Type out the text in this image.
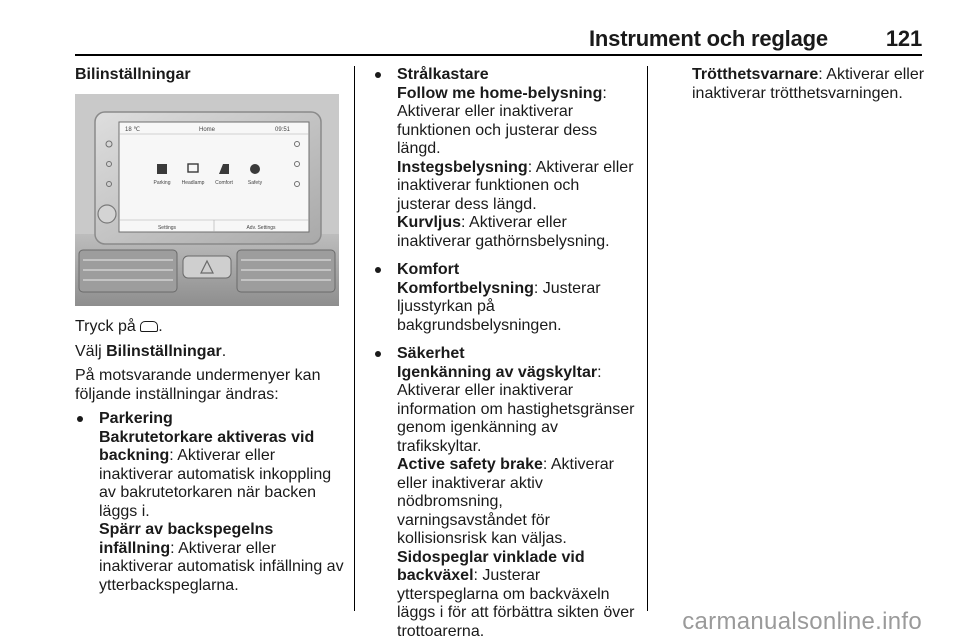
Instrument och reglage	121

Bilinställningar

18 ℃	Home	09:51
Parking Headlamp Comfort	Safety
Settings	Adv. Settings

Tryck på .

Välj Bilinställningar.

På motsvarande undermenyer kan följande inställningar ändras:

Parkering

Bakrutetorkare aktiveras vid backning: Aktiverar eller inaktiverar automatisk inkoppling av bakrutetorkaren när backen läggs i.

Spärr av backspegelns infällning: Aktiverar eller inaktiverar automatisk infällning av ytterbackspeglarna.

Strålkastare

Follow me home-belysning: Aktiverar eller inaktiverar funktionen och justerar dess längd.

Instegsbelysning: Aktiverar eller inaktiverar funktionen och justerar dess längd.

Kurvljus: Aktiverar eller inaktiverar gathörnsbelysning.

Komfort

Komfortbelysning: Justerar ljusstyrkan på bakgrundsbelysningen.

Säkerhet

Igenkänning av vägskyltar: Aktiverar eller inaktiverar information om hastighetsgränser genom igenkänning av trafikskyltar.

Active safety brake: Aktiverar eller inaktiverar aktiv nödbromsning, varningsavståndet för kollisionsrisk kan väljas.

Sidospeglar vinklade vid backväxel: Justerar ytterspeglarna om backväxeln läggs i för att förbättra sikten över trottoarerna.

Trötthetsvarnare: Aktiverar eller inaktiverar trötthetsvarningen.

carmanualsonline.info
